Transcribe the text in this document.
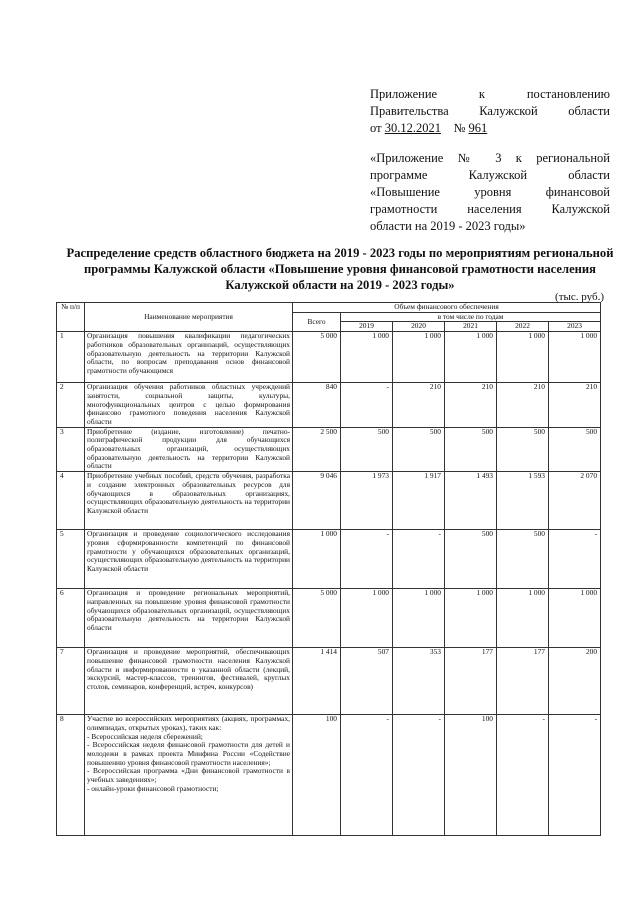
Приложение к постановлению

Правительства Калужской области

от 30.12.2021 № 961

«Приложение № 3 к региональной

программе Калужской области

«Повышение уровня финансовой

грамотности населения Калужской

области на 2019 - 2023 годы»

Распределение средств областного бюджета на 2019 - 2023 годы по мероприятиям региональной программы Калужской области «Повышение уровня финансовой грамотности населения Калужской области на 2019 - 2023 годы»
(тыс. руб.)
№ п/п	Наименование мероприятия	Объем финансового обеспечения					
		Всего	в том числе по годам				
			2019	2020	2021	2022	2023
1	Организация повышения квалификации педагогических работников образовательных организаций, осуществляющих образовательную деятельность на территории Калужской области, по вопросам преподавания основ финансовой грамотности обучающимся	5 000	1 000	1 000	1 000	1 000	1 000
2	Организация обучения работников областных учреждений занятости, социальной защиты, культуры, многофункциональных центров с целью формирования финансово грамотного поведения населения Калужской области	840	-	210	210	210	210
3	Приобретение (издание, изготовление) печатно-полиграфической продукции для обучающихся образовательных организаций, осуществляющих образовательную деятельность на территории Калужской области	2 500	500	500	500	500	500
4	Приобретение учебных пособий, средств обучения, разработка и создание электронных образовательных ресурсов для обучающихся в образовательных организациях, осуществляющих образовательную деятельность на территории Калужской области	9 046	1 973	1 917	1 493	1 593	2 070
5	Организация и проведение социологического исследования уровня сформированности компетенций по финансовой грамотности у обучающихся образовательных организаций, осуществляющих образовательную деятельность на территории Калужской области	1 000	-	-	500	500	-
6	Организация и проведение региональных мероприятий, направленных на повышение уровня финансовой грамотности обучающихся образовательных организаций, осуществляющих образовательную деятельность на территории Калужской области	5 000	1 000	1 000	1 000	1 000	1 000
7	Организация и проведение мероприятий, обеспечивающих повышение финансовой грамотности населения Калужской области и информированности в указанной области (лекций, экскурсий, мастер-классов, тренингов, фестивалей, круглых столов, семинаров, конференций, встреч, конкурсов)	1 414	507	353	177	177	200
8	Участие во всероссийских мероприятиях (акциях, программах, олимпиадах, открытых уроках), таких как:
- Всероссийская неделя сбережений;
- Всероссийская неделя финансовой грамотности для детей и молодежи в рамках проекта Минфина России «Содействие повышению уровня финансовой грамотности населения»;
- Всероссийская программа «Дни финансовой грамотности в учебных заведениях»;
- онлайн-уроки финансовой грамотности;	100	-	-	100	-	-
